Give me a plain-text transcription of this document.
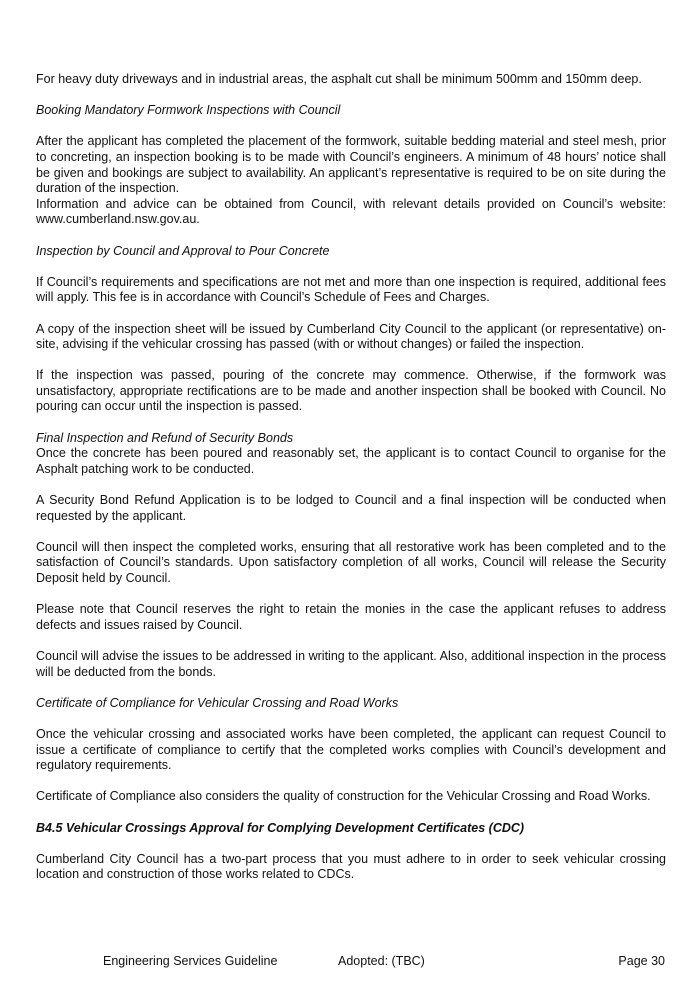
For heavy duty driveways and in industrial areas, the asphalt cut shall be minimum 500mm and 150mm deep.

Booking Mandatory Formwork Inspections with Council

After the applicant has completed the placement of the formwork, suitable bedding material and steel mesh, prior to concreting, an inspection booking is to be made with Council’s engineers. A minimum of 48 hours’ notice shall be given and bookings are subject to availability. An applicant’s representative is required to be on site during the duration of the inspection.

Information and advice can be obtained from Council, with relevant details provided on Council’s website: www.cumberland.nsw.gov.au.

Inspection by Council and Approval to Pour Concrete

If Council’s requirements and specifications are not met and more than one inspection is required, additional fees will apply. This fee is in accordance with Council’s Schedule of Fees and Charges.

A copy of the inspection sheet will be issued by Cumberland City Council to the applicant (or representative) on-site, advising if the vehicular crossing has passed (with or without changes) or failed the inspection.

If the inspection was passed, pouring of the concrete may commence. Otherwise, if the formwork was unsatisfactory, appropriate rectifications are to be made and another inspection shall be booked with Council. No pouring can occur until the inspection is passed.

Final Inspection and Refund of Security Bonds

Once the concrete has been poured and reasonably set, the applicant is to contact Council to organise for the Asphalt patching work to be conducted.

A Security Bond Refund Application is to be lodged to Council and a final inspection will be conducted when requested by the applicant.

Council will then inspect the completed works, ensuring that all restorative work has been completed and to the satisfaction of Council’s standards. Upon satisfactory completion of all works, Council will release the Security Deposit held by Council.

Please note that Council reserves the right to retain the monies in the case the applicant refuses to address defects and issues raised by Council.

Council will advise the issues to be addressed in writing to the applicant. Also, additional inspection in the process will be deducted from the bonds.

Certificate of Compliance for Vehicular Crossing and Road Works

Once the vehicular crossing and associated works have been completed, the applicant can request Council to issue a certificate of compliance to certify that the completed works complies with Council’s development and regulatory requirements.

Certificate of Compliance also considers the quality of construction for the Vehicular Crossing and Road Works.

B4.5 Vehicular Crossings Approval for Complying Development Certificates (CDC)

Cumberland City Council has a two-part process that you must adhere to in order to seek vehicular crossing location and construction of those works related to CDCs.

Engineering Services Guideline	Adopted: (TBC)	Page 30
